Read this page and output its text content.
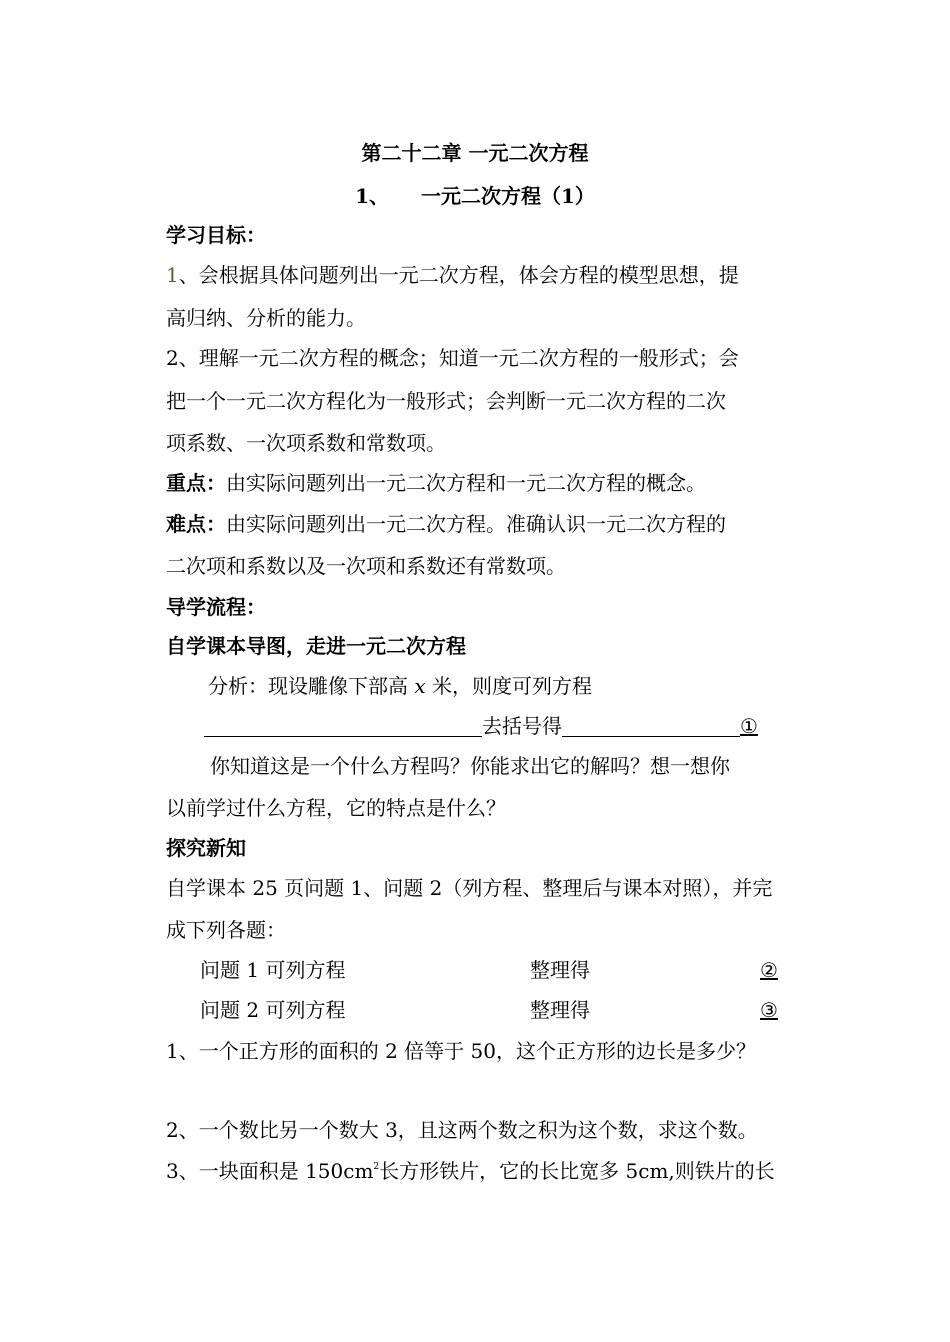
第二十二章 一元二次方程
1、 一元二次方程（1）
学习目标：
1、会根据具体问题列出一元二次方程，体会方程的模型思想，提
高归纳、分析的能力。
2、理解一元二次方程的概念；知道一元二次方程的一般形式；会
把一个一元二次方程化为一般形式；会判断一元二次方程的二次
项系数、一次项系数和常数项。
重点：由实际问题列出一元二次方程和一元二次方程的概念。
难点：由实际问题列出一元二次方程。准确认识一元二次方程的
二次项和系数以及一次项和系数还有常数项。
导学流程：
自学课本导图，走进一元二次方程
分析：现设雕像下部高 x 米，则度可列方程
去括号得	①
你知道这是一个什么方程吗？你能求出它的解吗？想一想你
以前学过什么方程，它的特点是什么？
探究新知
自学课本 25 页问题 1、问题 2（列方程、整理后与课本对照），并完
成下列各题：
问题 1 可列方程	整理得	②
问题 2 可列方程	整理得	③
1、一个正方形的面积的 2 倍等于 50，这个正方形的边长是多少？
2、一个数比另一个数大 3，且这两个数之积为这个数，求这个数。
3、一块面积是 $150cm^2$长方形铁片，它的长比宽多 5cm,则铁片的长
